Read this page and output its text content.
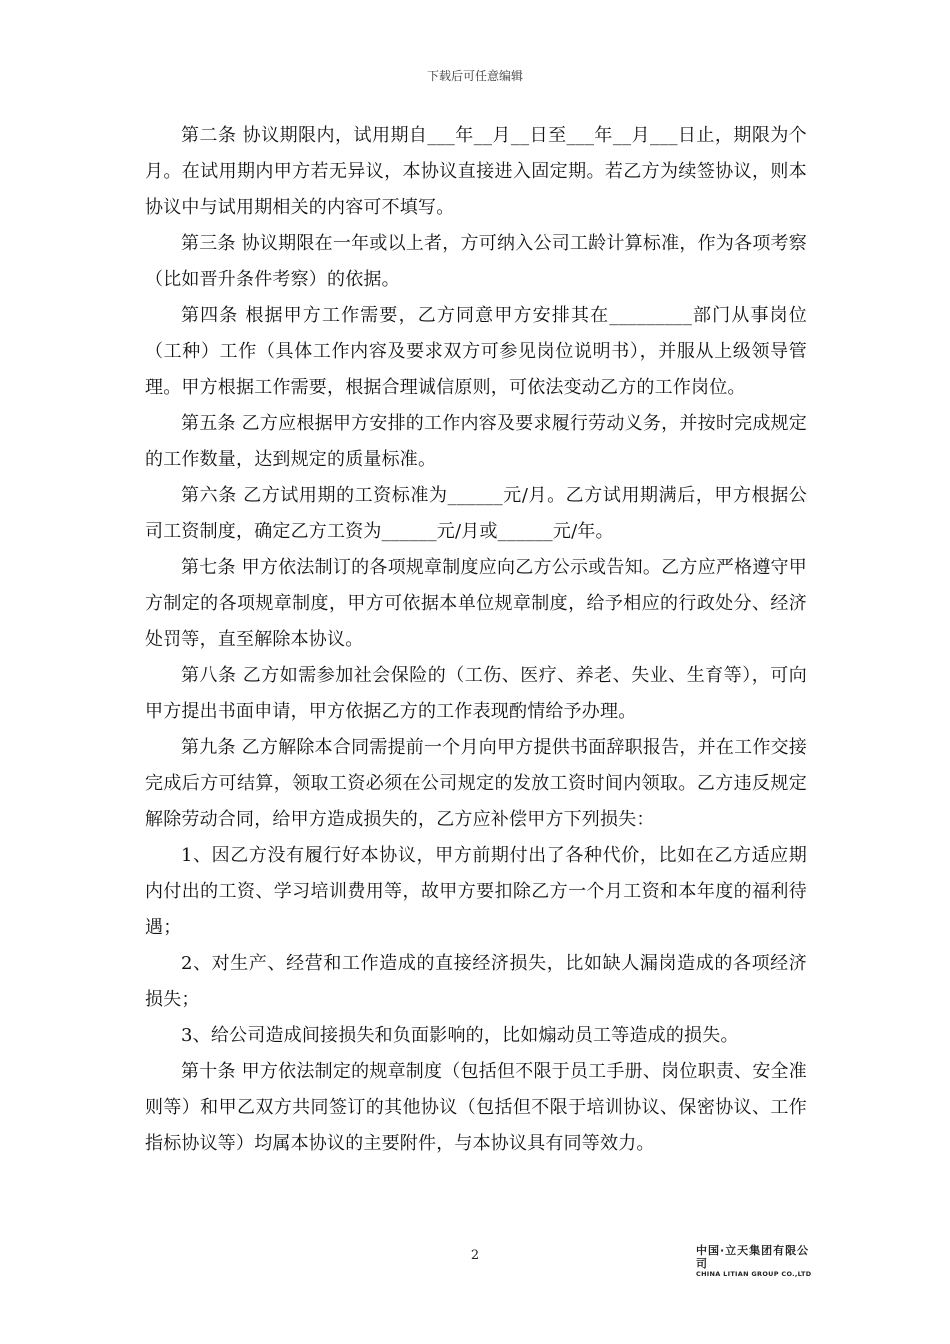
下载后可任意编辑

第二条 协议期限内，试用期自___年__月__日至___年__月___日止，期限为个月。在试用期内甲方若无异议，本协议直接进入固定期。若乙方为续签协议，则本协议中与试用期相关的内容可不填写。

第三条 协议期限在一年或以上者，方可纳入公司工龄计算标准，作为各项考察（比如晋升条件考察）的依据。

第四条 根据甲方工作需要，乙方同意甲方安排其在_________部门从事岗位（工种）工作（具体工作内容及要求双方可参见岗位说明书），并服从上级领导管理。甲方根据工作需要，根据合理诚信原则，可依法变动乙方的工作岗位。

第五条 乙方应根据甲方安排的工作内容及要求履行劳动义务，并按时完成规定的工作数量，达到规定的质量标准。

第六条 乙方试用期的工资标准为______元/月。乙方试用期满后，甲方根据公司工资制度，确定乙方工资为______元/月或______元/年。

第七条 甲方依法制订的各项规章制度应向乙方公示或告知。乙方应严格遵守甲方制定的各项规章制度，甲方可依据本单位规章制度，给予相应的行政处分、经济处罚等，直至解除本协议。

第八条 乙方如需参加社会保险的（工伤、医疗、养老、失业、生育等），可向甲方提出书面申请，甲方依据乙方的工作表现酌情给予办理。

第九条 乙方解除本合同需提前一个月向甲方提供书面辞职报告，并在工作交接完成后方可结算，领取工资必须在公司规定的发放工资时间内领取。乙方违反规定解除劳动合同，给甲方造成损失的，乙方应补偿甲方下列损失：

1、因乙方没有履行好本协议，甲方前期付出了各种代价，比如在乙方适应期内付出的工资、学习培训费用等，故甲方要扣除乙方一个月工资和本年度的福利待遇；

2、对生产、经营和工作造成的直接经济损失，比如缺人漏岗造成的各项经济损失；

3、给公司造成间接损失和负面影响的，比如煽动员工等造成的损失。

第十条 甲方依法制定的规章制度（包括但不限于员工手册、岗位职责、安全准则等）和甲乙双方共同签订的其他协议（包括但不限于培训协议、保密协议、工作指标协议等）均属本协议的主要附件，与本协议具有同等效力。

2	中国·立天集团有限公司
CHINA LITIAN GROUP CO.,LTD
